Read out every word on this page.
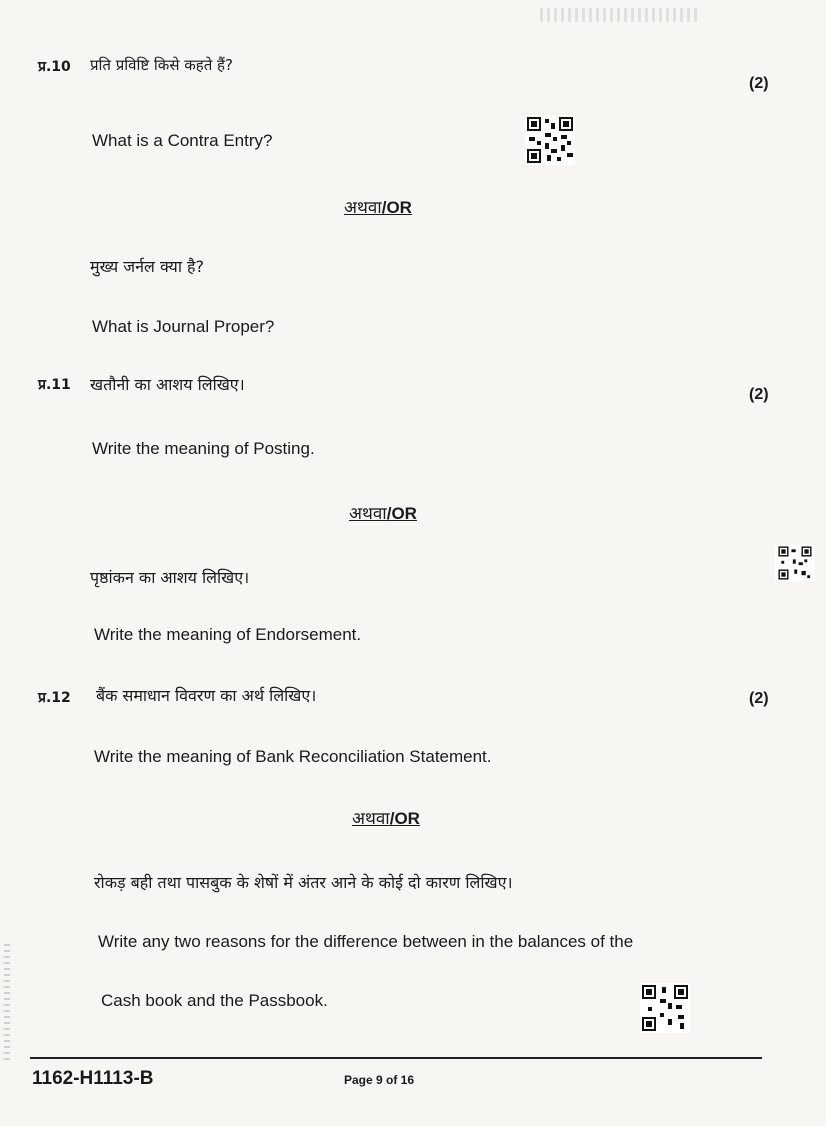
प्र.10 प्रति प्रविष्टि किसे कहते हैं?
(2)
What is a Contra Entry?
अथवा/OR
मुख्य जर्नल क्या है?
What is Journal Proper?
प्र.11 खतौनी का आशय लिखिए।
(2)
Write the meaning of Posting.
अथवा/OR
पृष्ठांकन का आशय लिखिए।
Write the meaning of Endorsement.
प्र.12 बैंक समाधान विवरण का अर्थ लिखिए।	(2)
Write the meaning of Bank Reconciliation Statement.
अथवा/OR
रोकड़ बही तथा पासबुक के शेषों में अंतर आने के कोई दो कारण लिखिए।
Write any two reasons for the difference between in the balances of the
Cash book and the Passbook.
1162-H1113-B	Page 9 of 16
